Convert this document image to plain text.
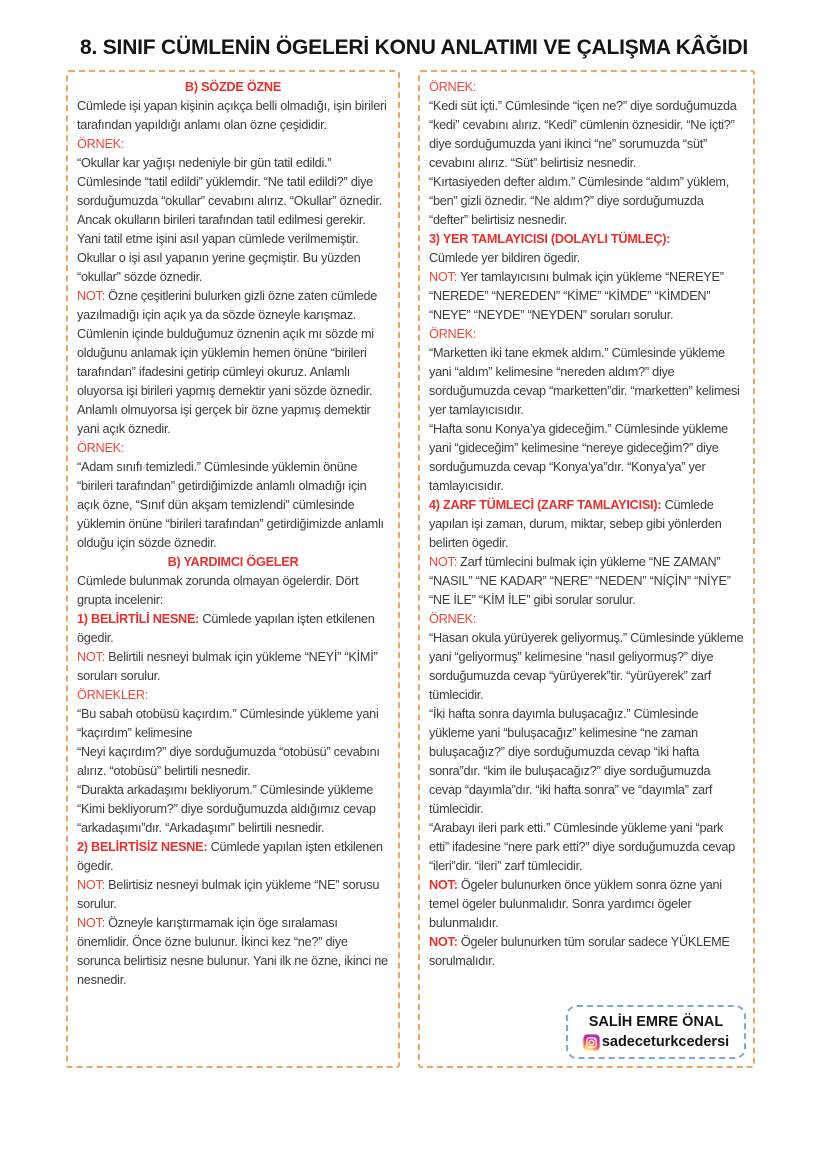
8. SINIF CÜMLENİN ÖGELERİ KONU ANLATIMI VE ÇALIŞMA KÂĞIDI

B) SÖZDE ÖZNE

Cümlede işi yapan kişinin açıkça belli olmadığı, işin birileri tarafından yapıldığı anlamı olan özne çeşididir.

ÖRNEK:

“Okullar kar yağışı nedeniyle bir gün tatil edildi.” Cümlesinde “tatil edildi” yüklemdir. “Ne tatil edildi?” diye sorduğumuzda “okullar” cevabını alırız. “Okullar” öznedir. Ancak okulların birileri tarafından tatil edilmesi gerekir. Yani tatil etme işini asıl yapan cümlede verilmemiştir. Okullar o işi asıl yapanın yerine geçmiştir. Bu yüzden “okullar” sözde öznedir.

NOT: Özne çeşitlerini bulurken gizli özne zaten cümlede yazılmadığı için açık ya da sözde özneyle karışmaz. Cümlenin içinde bulduğumuz öznenin açık mı sözde mi olduğunu anlamak için yüklemin hemen önüne “birileri tarafından” ifadesini getirip cümleyi okuruz. Anlamlı oluyorsa işi birileri yapmış demektir yani sözde öznedir. Anlamlı olmuyorsa işi gerçek bir özne yapmış demektir yani açık öznedir.

ÖRNEK:

“Adam sınıfı temizledi.” Cümlesinde yüklemin önüne “birileri tarafından” getirdiğimizde anlamlı olmadığı için açık özne, “Sınıf dün akşam temizlendi” cümlesinde yüklemin önüne “birileri tarafından” getirdiğimizde anlamlı olduğu için sözde öznedir.

B) YARDIMCI ÖGELER

Cümlede bulunmak zorunda olmayan ögelerdir. Dört grupta incelenir:

1) BELİRTİLİ NESNE: Cümlede yapılan işten etkilenen ögedir.

NOT: Belirtili nesneyi bulmak için yükleme “NEYİ” “KİMİ” soruları sorulur.

ÖRNEKLER:

“Bu sabah otobüsü kaçırdım.” Cümlesinde yükleme yani “kaçırdım” kelimesine

“Neyi kaçırdım?” diye sorduğumuzda “otobüsü” cevabını alırız. “otobüsü” belirtili nesnedir.

“Durakta arkadaşımı bekliyorum.” Cümlesinde yükleme “Kimi bekliyorum?” diye sorduğumuzda aldığımız cevap “arkadaşımı”dır. “Arkadaşımı” belirtili nesnedir.

2) BELİRTİSİZ NESNE: Cümlede yapılan işten etkilenen ögedir.

NOT: Belirtisiz nesneyi bulmak için yükleme “NE” sorusu sorulur.

NOT: Özneyle karıştırmamak için öge sıralaması önemlidir. Önce özne bulunur. İkinci kez “ne?” diye sorunca belirtisiz nesne bulunur. Yani ilk ne özne, ikinci ne nesnedir.

ÖRNEK:

“Kedi süt içti.” Cümlesinde “içen ne?” diye sorduğumuzda “kedi” cevabını alırız. “Kedi” cümlenin öznesidir. “Ne içti?” diye sorduğumuzda yani ikinci “ne” sorumuzda “süt” cevabını alırız. “Süt” belirtisiz nesnedir.

“Kırtasiyeden defter aldım.” Cümlesinde “aldım” yüklem, “ben” gizli öznedir. “Ne aldım?” diye sorduğumuzda “defter” belirtisiz nesnedir.

3) YER TAMLAYICISI (DOLAYLI TÜMLEÇ):

Cümlede yer bildiren ögedir.

NOT: Yer tamlayıcısını bulmak için yükleme “NEREYE” “NEREDE” “NEREDEN” “KİME” “KİMDE” “KİMDEN” “NEYE” “NEYDE” “NEYDEN” soruları sorulur.

ÖRNEK:

“Marketten iki tane ekmek aldım.” Cümlesinde yükleme yani “aldım” kelimesine “nereden aldım?” diye sorduğumuzda cevap “marketten”dir. “marketten” kelimesi yer tamlayıcısıdır.

“Hafta sonu Konya’ya gideceğim.” Cümlesinde yükleme yani “gideceğim” kelimesine “nereye gideceğim?” diye sorduğumuzda cevap “Konya’ya”dır. “Konya’ya” yer tamlayıcısıdır.

4) ZARF TÜMLECİ (ZARF TAMLAYICISI): Cümlede yapılan işi zaman, durum, miktar, sebep gibi yönlerden belirten ögedir.

NOT: Zarf tümlecini bulmak için yükleme “NE ZAMAN” “NASIL” “NE KADAR” “NERE” “NEDEN” “NİÇİN” “NİYE” “NE İLE” “KİM İLE” gibi sorular sorulur.

ÖRNEK:

“Hasan okula yürüyerek geliyormuş.” Cümlesinde yükleme yani “geliyormuş” kelimesine “nasıl geliyormuş?” diye sorduğumuzda cevap “yürüyerek”tir. “yürüyerek” zarf tümlecidir.

“İki hafta sonra dayımla buluşacağız.” Cümlesinde yükleme yani “buluşacağız” kelimesine “ne zaman buluşacağız?” diye sorduğumuzda cevap “iki hafta sonra”dır. “kim ile buluşacağız?” diye sorduğumuzda cevap “dayımla”dır. “iki hafta sonra” ve “dayımla” zarf tümlecidir.

“Arabayı ileri park etti.” Cümlesinde yükleme yani “park etti” ifadesine “nere park etti?” diye sorduğumuzda cevap “ileri”dir. “ileri” zarf tümlecidir.

NOT: Ögeler bulunurken önce yüklem sonra özne yani temel ögeler bulunmalıdır. Sonra yardımcı ögeler bulunmalıdır.

NOT: Ögeler bulunurken tüm sorular sadece YÜKLEME sorulmalıdır.

SALİH EMRE ÖNAL
sadeceturkcedersi
